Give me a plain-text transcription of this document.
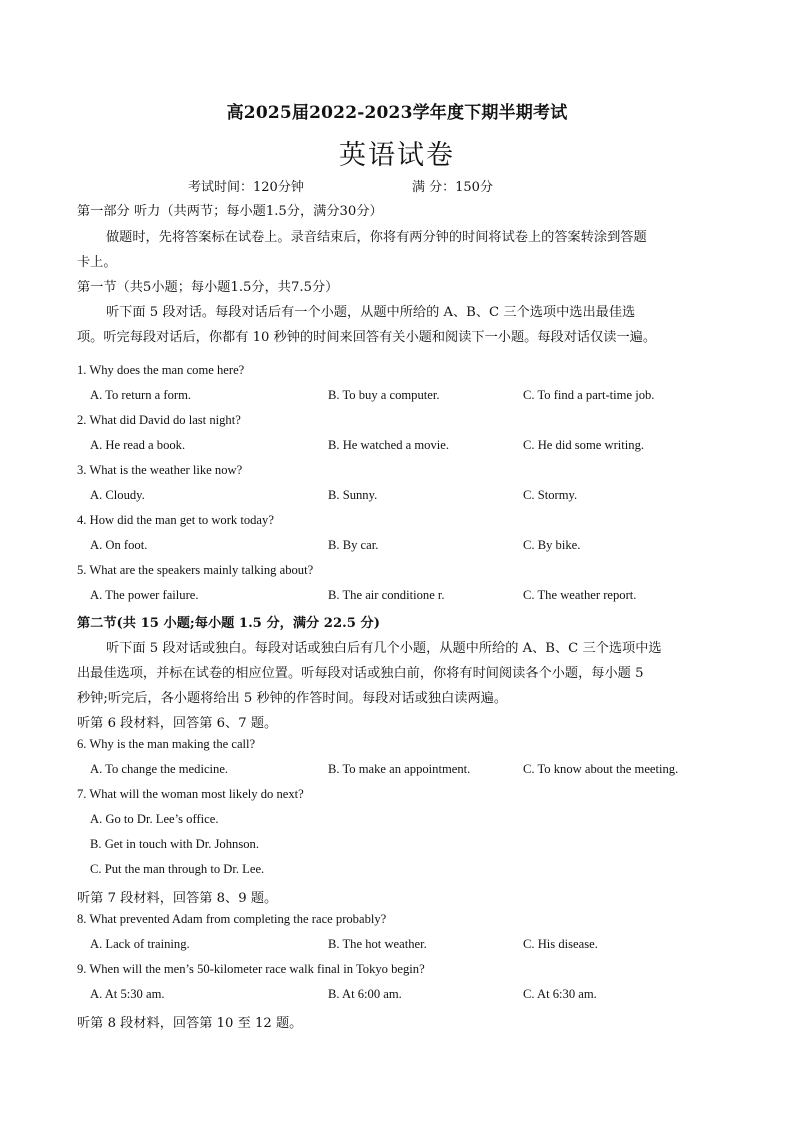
高2025届2022-2023学年度下期半期考试
英语试卷
考试时间：120分钟	满 分：150分
第一部分 听力（共两节；每小题1.5分，满分30分）
做题时，先将答案标在试卷上。录音结束后，你将有两分钟的时间将试卷上的答案转涂到答题
卡上。
第一节（共5小题；每小题1.5分，共7.5分）
听下面 5 段对话。每段对话后有一个小题，从题中所给的 A、B、C 三个选项中选出最佳选
项。听完每段对话后，你都有 10 秒钟的时间来回答有关小题和阅读下一小题。每段对话仅读一遍。
1. Why does the man come here?
A. To return a form.	B. To buy a computer.	C. To find a part-time job.
2. What did David do last night?
A. He read a book.	B. He watched a movie.	C. He did some writing.
3. What is the weather like now?
A. Cloudy.	B. Sunny.	C. Stormy.
4. How did the man get to work today?
A. On foot.	B. By car.	C. By bike.
5. What are the speakers mainly talking about?
A. The power failure.	B. The air conditione r.	C. The weather report.
第二节(共 15 小题;每小题 1.5 分，满分 22.5 分)
听下面 5 段对话或独白。每段对话或独白后有几个小题，从题中所给的 A、B、C 三个选项中选
出最佳选项，并标在试卷的相应位置。听每段对话或独白前，你将有时间阅读各个小题，每小题 5
秒钟;听完后，各小题将给出 5 秒钟的作答时间。每段对话或独白读两遍。
听第 6 段材料，回答第 6、7 题。
6. Why is the man making the call?
A. To change the medicine.	B. To make an appointment.	C. To know about the meeting.
7. What will the woman most likely do next?
A. Go to Dr. Lee’s office.
B. Get in touch with Dr. Johnson.
C. Put the man through to Dr. Lee.
听第 7 段材料，回答第 8、9 题。
8. What prevented Adam from completing the race probably?
A. Lack of training.	B. The hot weather.	C. His disease.
9. When will the men’s 50-kilometer race walk final in Tokyo begin?
A. At 5:30 am.	B. At 6:00 am.	C. At 6:30 am.
听第 8 段材料，回答第 10 至 12 题。
